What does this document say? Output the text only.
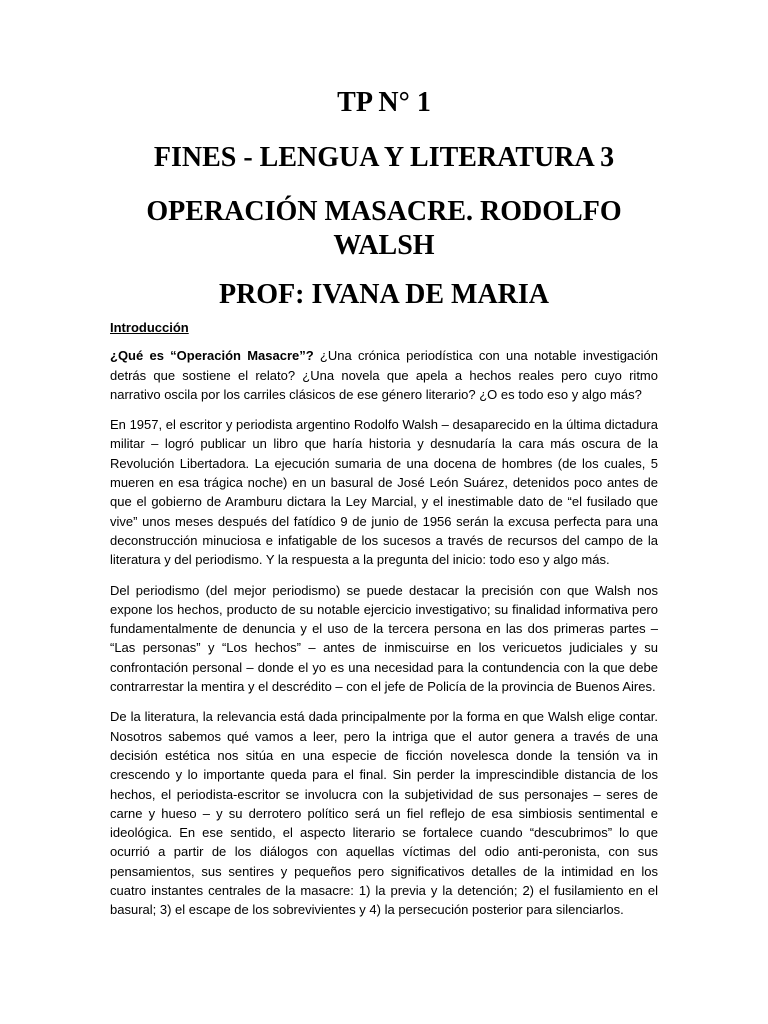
TP N° 1
FINES - LENGUA Y LITERATURA 3
OPERACIÓN MASACRE. RODOLFO WALSH
PROF: IVANA DE MARIA

Introducción

¿Qué es “Operación Masacre”? ¿Una crónica periodística con una notable investigación detrás que sostiene el relato? ¿Una novela que apela a hechos reales pero cuyo ritmo narrativo oscila por los carriles clásicos de ese género literario? ¿O es todo eso y algo más?

En 1957, el escritor y periodista argentino Rodolfo Walsh – desaparecido en la última dictadura militar – logró publicar un libro que haría historia y desnudaría la cara más oscura de la Revolución Libertadora. La ejecución sumaria de una docena de hombres (de los cuales, 5 mueren en esa trágica noche) en un basural de José León Suárez, detenidos poco antes de que el gobierno de Aramburu dictara la Ley Marcial, y el inestimable dato de “el fusilado que vive” unos meses después del fatídico 9 de junio de 1956 serán la excusa perfecta para una deconstrucción minuciosa e infatigable de los sucesos a través de recursos del campo de la literatura y del periodismo. Y la respuesta a la pregunta del inicio: todo eso y algo más.

Del periodismo (del mejor periodismo) se puede destacar la precisión con que Walsh nos expone los hechos, producto de su notable ejercicio investigativo; su finalidad informativa pero fundamentalmente de denuncia y el uso de la tercera persona en las dos primeras partes – “Las personas” y “Los hechos” – antes de inmiscuirse en los vericuetos judiciales y su confrontación personal – donde el yo es una necesidad para la contundencia con la que debe contrarrestar la mentira y el descrédito – con el jefe de Policía de la provincia de Buenos Aires.

De la literatura, la relevancia está dada principalmente por la forma en que Walsh elige contar. Nosotros sabemos qué vamos a leer, pero la intriga que el autor genera a través de una decisión estética nos sitúa en una especie de ficción novelesca donde la tensión va in crescendo y lo importante queda para el final. Sin perder la imprescindible distancia de los hechos, el periodista-escritor se involucra con la subjetividad de sus personajes – seres de carne y hueso – y su derrotero político será un fiel reflejo de esa simbiosis sentimental e ideológica. En ese sentido, el aspecto literario se fortalece cuando “descubrimos” lo que ocurrió a partir de los diálogos con aquellas víctimas del odio anti-peronista, con sus pensamientos, sus sentires y pequeños pero significativos detalles de la intimidad en los cuatro instantes centrales de la masacre: 1) la previa y la detención; 2) el fusilamiento en el basural; 3) el escape de los sobrevivientes y 4) la persecución posterior para silenciarlos.
